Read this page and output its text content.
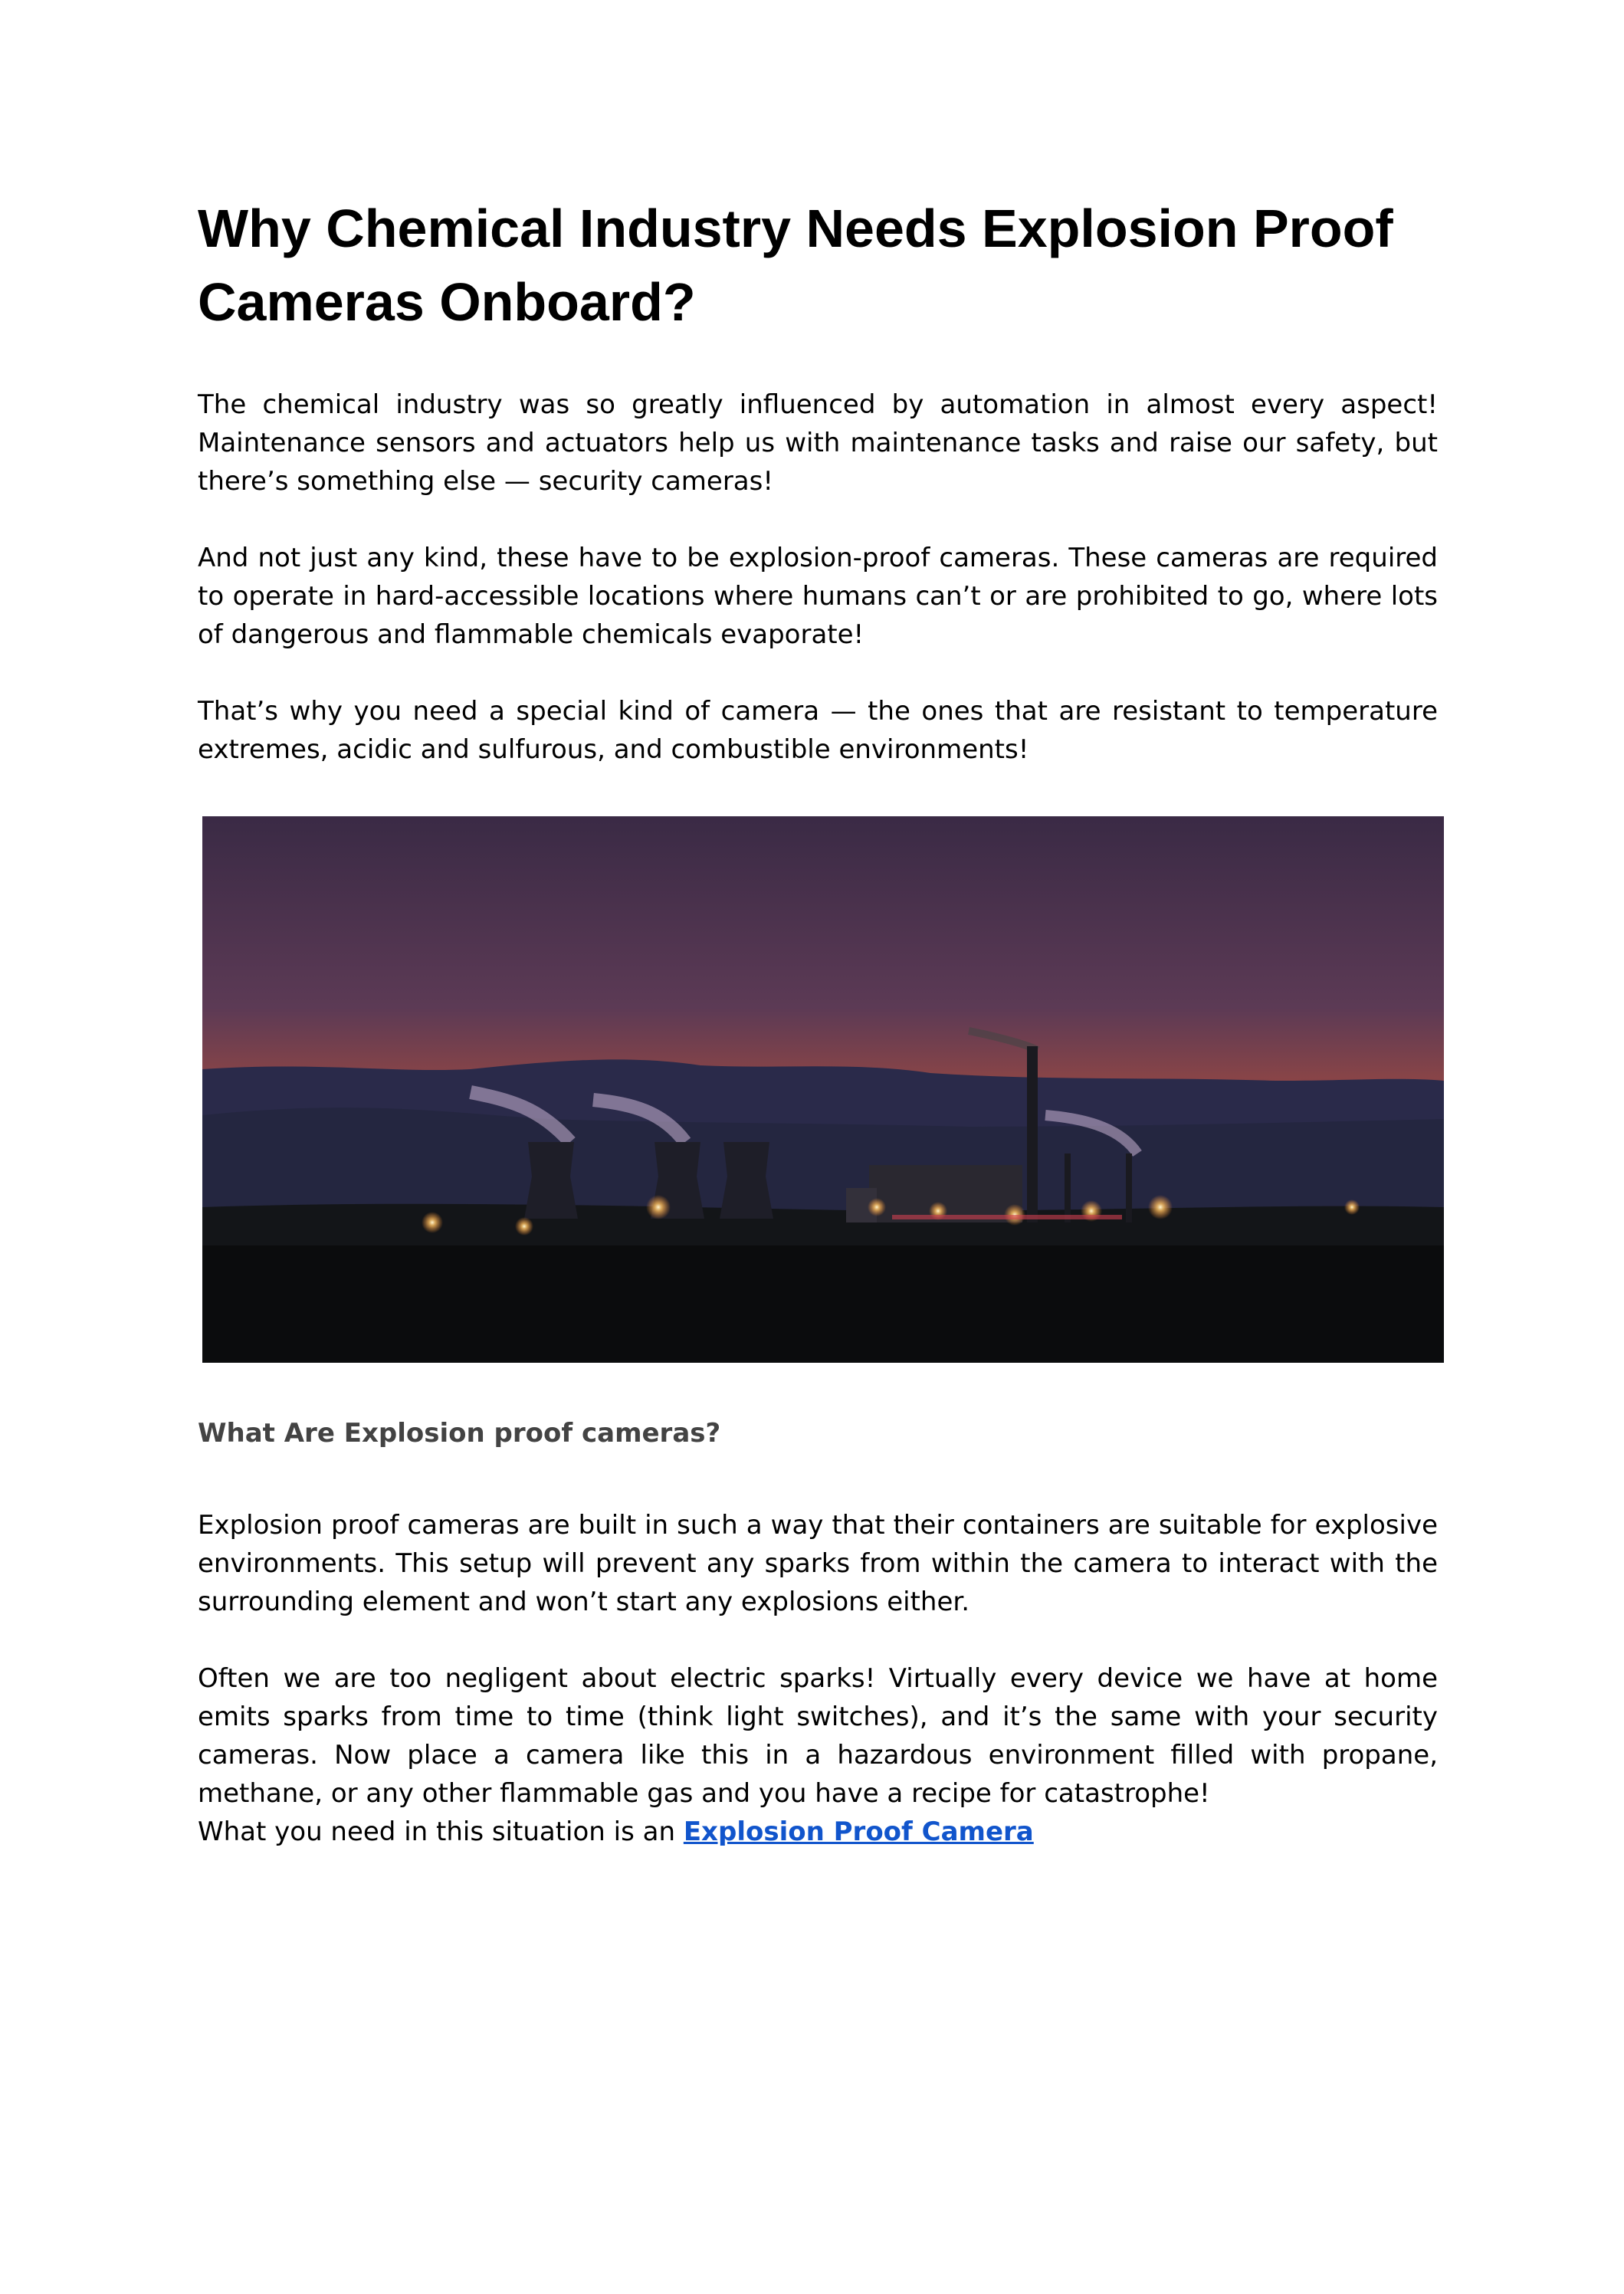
Why Chemical Industry Needs Explosion Proof Cameras Onboard?

The chemical industry was so greatly influenced by automation in almost every aspect! Maintenance sensors and actuators help us with maintenance tasks and raise our safety, but there’s something else — security cameras!

And not just any kind, these have to be explosion-proof cameras. These cameras are required to operate in hard-accessible locations where humans can’t or are prohibited to go, where lots of dangerous and flammable chemicals evaporate!

That’s why you need a special kind of camera — the ones that are resistant to temperature extremes, acidic and sulfurous, and combustible environments!

What Are Explosion proof cameras?

Explosion proof cameras are built in such a way that their containers are suitable for explosive environments. This setup will prevent any sparks from within the camera to interact with the surrounding element and won’t start any explosions either.

Often we are too negligent about electric sparks! Virtually every device we have at home emits sparks from time to time (think light switches), and it’s the same with your security cameras. Now place a camera like this in a hazardous environment filled with propane, methane, or any other flammable gas and you have a recipe for catastrophe!

What you need in this situation is an Explosion Proof Camera
